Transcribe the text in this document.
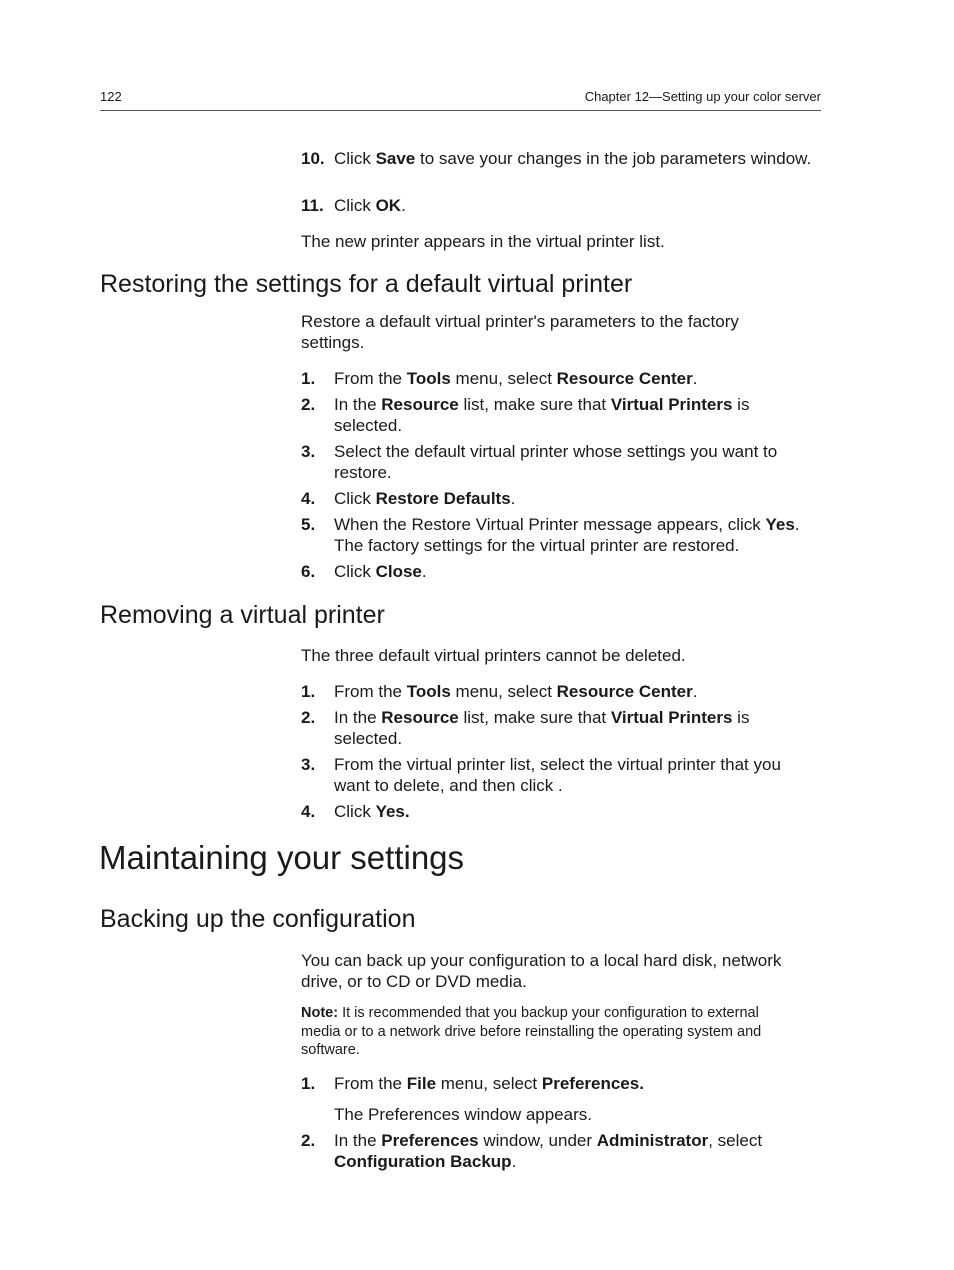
122	Chapter 12—Setting up your color server
10. Click Save to save your changes in the job parameters window.
11. Click OK.
The new printer appears in the virtual printer list.
Restoring the settings for a default virtual printer
Restore a default virtual printer's parameters to the factory settings.
1. From the Tools menu, select Resource Center.
2. In the Resource list, make sure that Virtual Printers is selected.
3. Select the default virtual printer whose settings you want to restore.
4. Click Restore Defaults.
5. When the Restore Virtual Printer message appears, click Yes. The factory settings for the virtual printer are restored.
6. Click Close.
Removing a virtual printer
The three default virtual printers cannot be deleted.
1. From the Tools menu, select Resource Center.
2. In the Resource list, make sure that Virtual Printers is selected.
3. From the virtual printer list, select the virtual printer that you want to delete, and then click .
4. Click Yes.
Maintaining your settings
Backing up the configuration
You can back up your configuration to a local hard disk, network drive, or to CD or DVD media.
Note: It is recommended that you backup your configuration to external media or to a network drive before reinstalling the operating system and software.
1. From the File menu, select Preferences.
The Preferences window appears.
2. In the Preferences window, under Administrator, select Configuration Backup.
